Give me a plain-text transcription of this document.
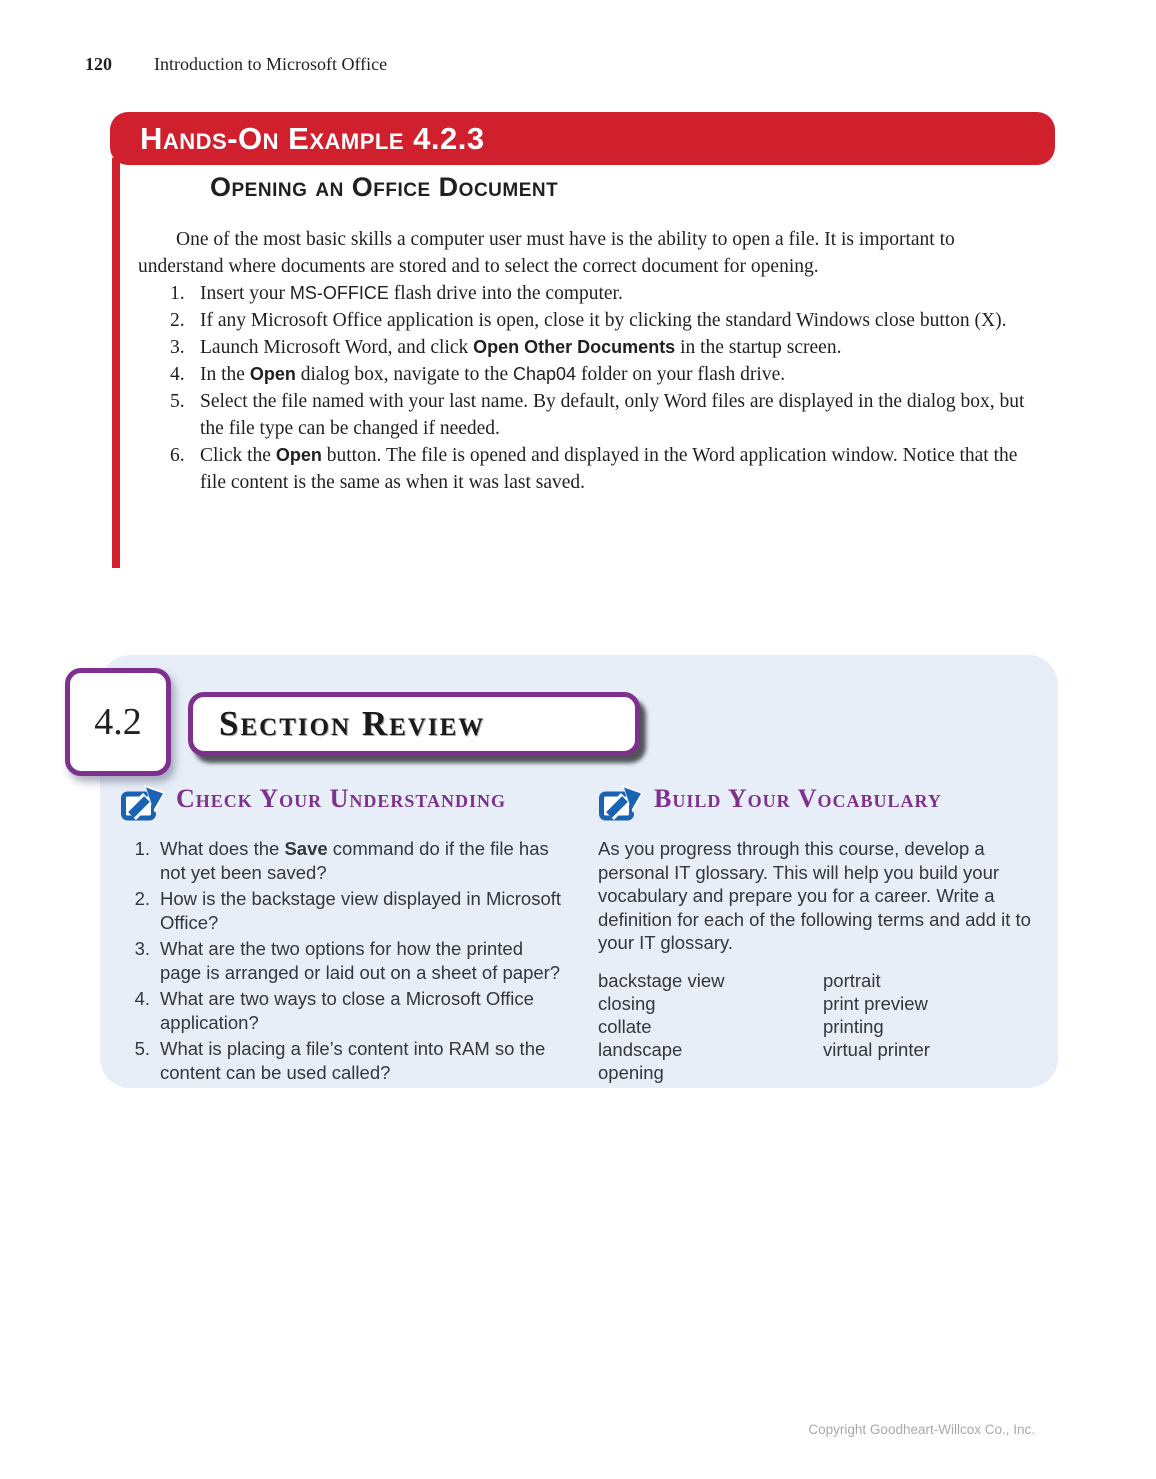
120 Introduction to Microsoft Office
Hands-On Example 4.2.3
Opening an Office Document

One of the most basic skills a computer user must have is the ability to open a file. It is important to understand where documents are stored and to select the correct document for opening.

Insert your MS-OFFICE flash drive into the computer.
If any Microsoft Office application is open, close it by clicking the standard Windows close button (X).
Launch Microsoft Word, and click Open Other Documents in the startup screen.
In the Open dialog box, navigate to the Chap04 folder on your flash drive.
Select the file named with your last name. By default, only Word files are displayed in the dialog box, but the file type can be changed if needed.
Click the Open button. The file is opened and displayed in the Word application window. Notice that the file content is the same as when it was last saved.
4.2 Section Review
Check Your Understanding
What does the Save command do if the file has not yet been saved?
How is the backstage view displayed in Microsoft Office?
What are the two options for how the printed page is arranged or laid out on a sheet of paper?
What are two ways to close a Microsoft Office application?
What is placing a file’s content into RAM so the content can be used called?
Build Your Vocabulary

As you progress through this course, develop a personal IT glossary. This will help you build your vocabulary and prepare you for a career. Write a definition for each of the following terms and add it to your IT glossary.

backstage view
closing
collate
landscape
opening
portrait
print preview
printing
virtual printer
Copyright Goodheart-Willcox Co., Inc.
